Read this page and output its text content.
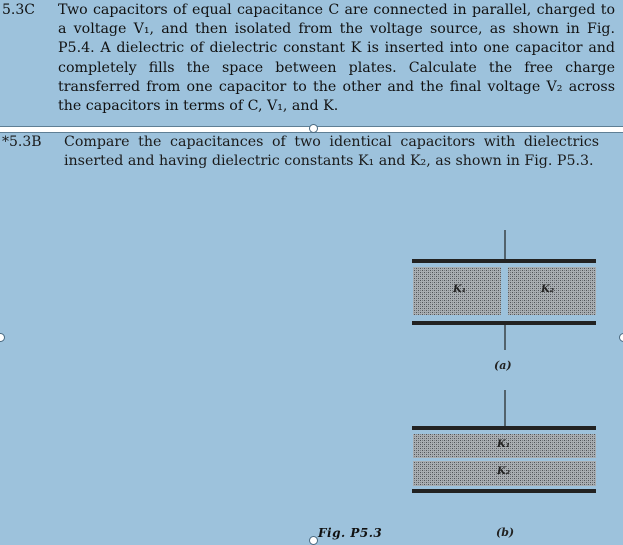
5.3C Two capacitors of equal capacitance C are connected in parallel, charged to a voltage V₁, and then isolated from the voltage source, as shown in Fig. P5.4. A dielectric of dielectric constant K is inserted into one capacitor and completely fills the space between plates. Calculate the free charge transferred from one capacitor to the other and the final voltage V₂ across the capacitors in terms of C, V₁, and K.
*5.3B Compare the capacitances of two identical capacitors with dielectrics inserted and having dielectric constants K₁ and K₂, as shown in Fig. P5.3.
K₁	K₂
(a)
K₁
K₂
(b)
Fig. P5.3
